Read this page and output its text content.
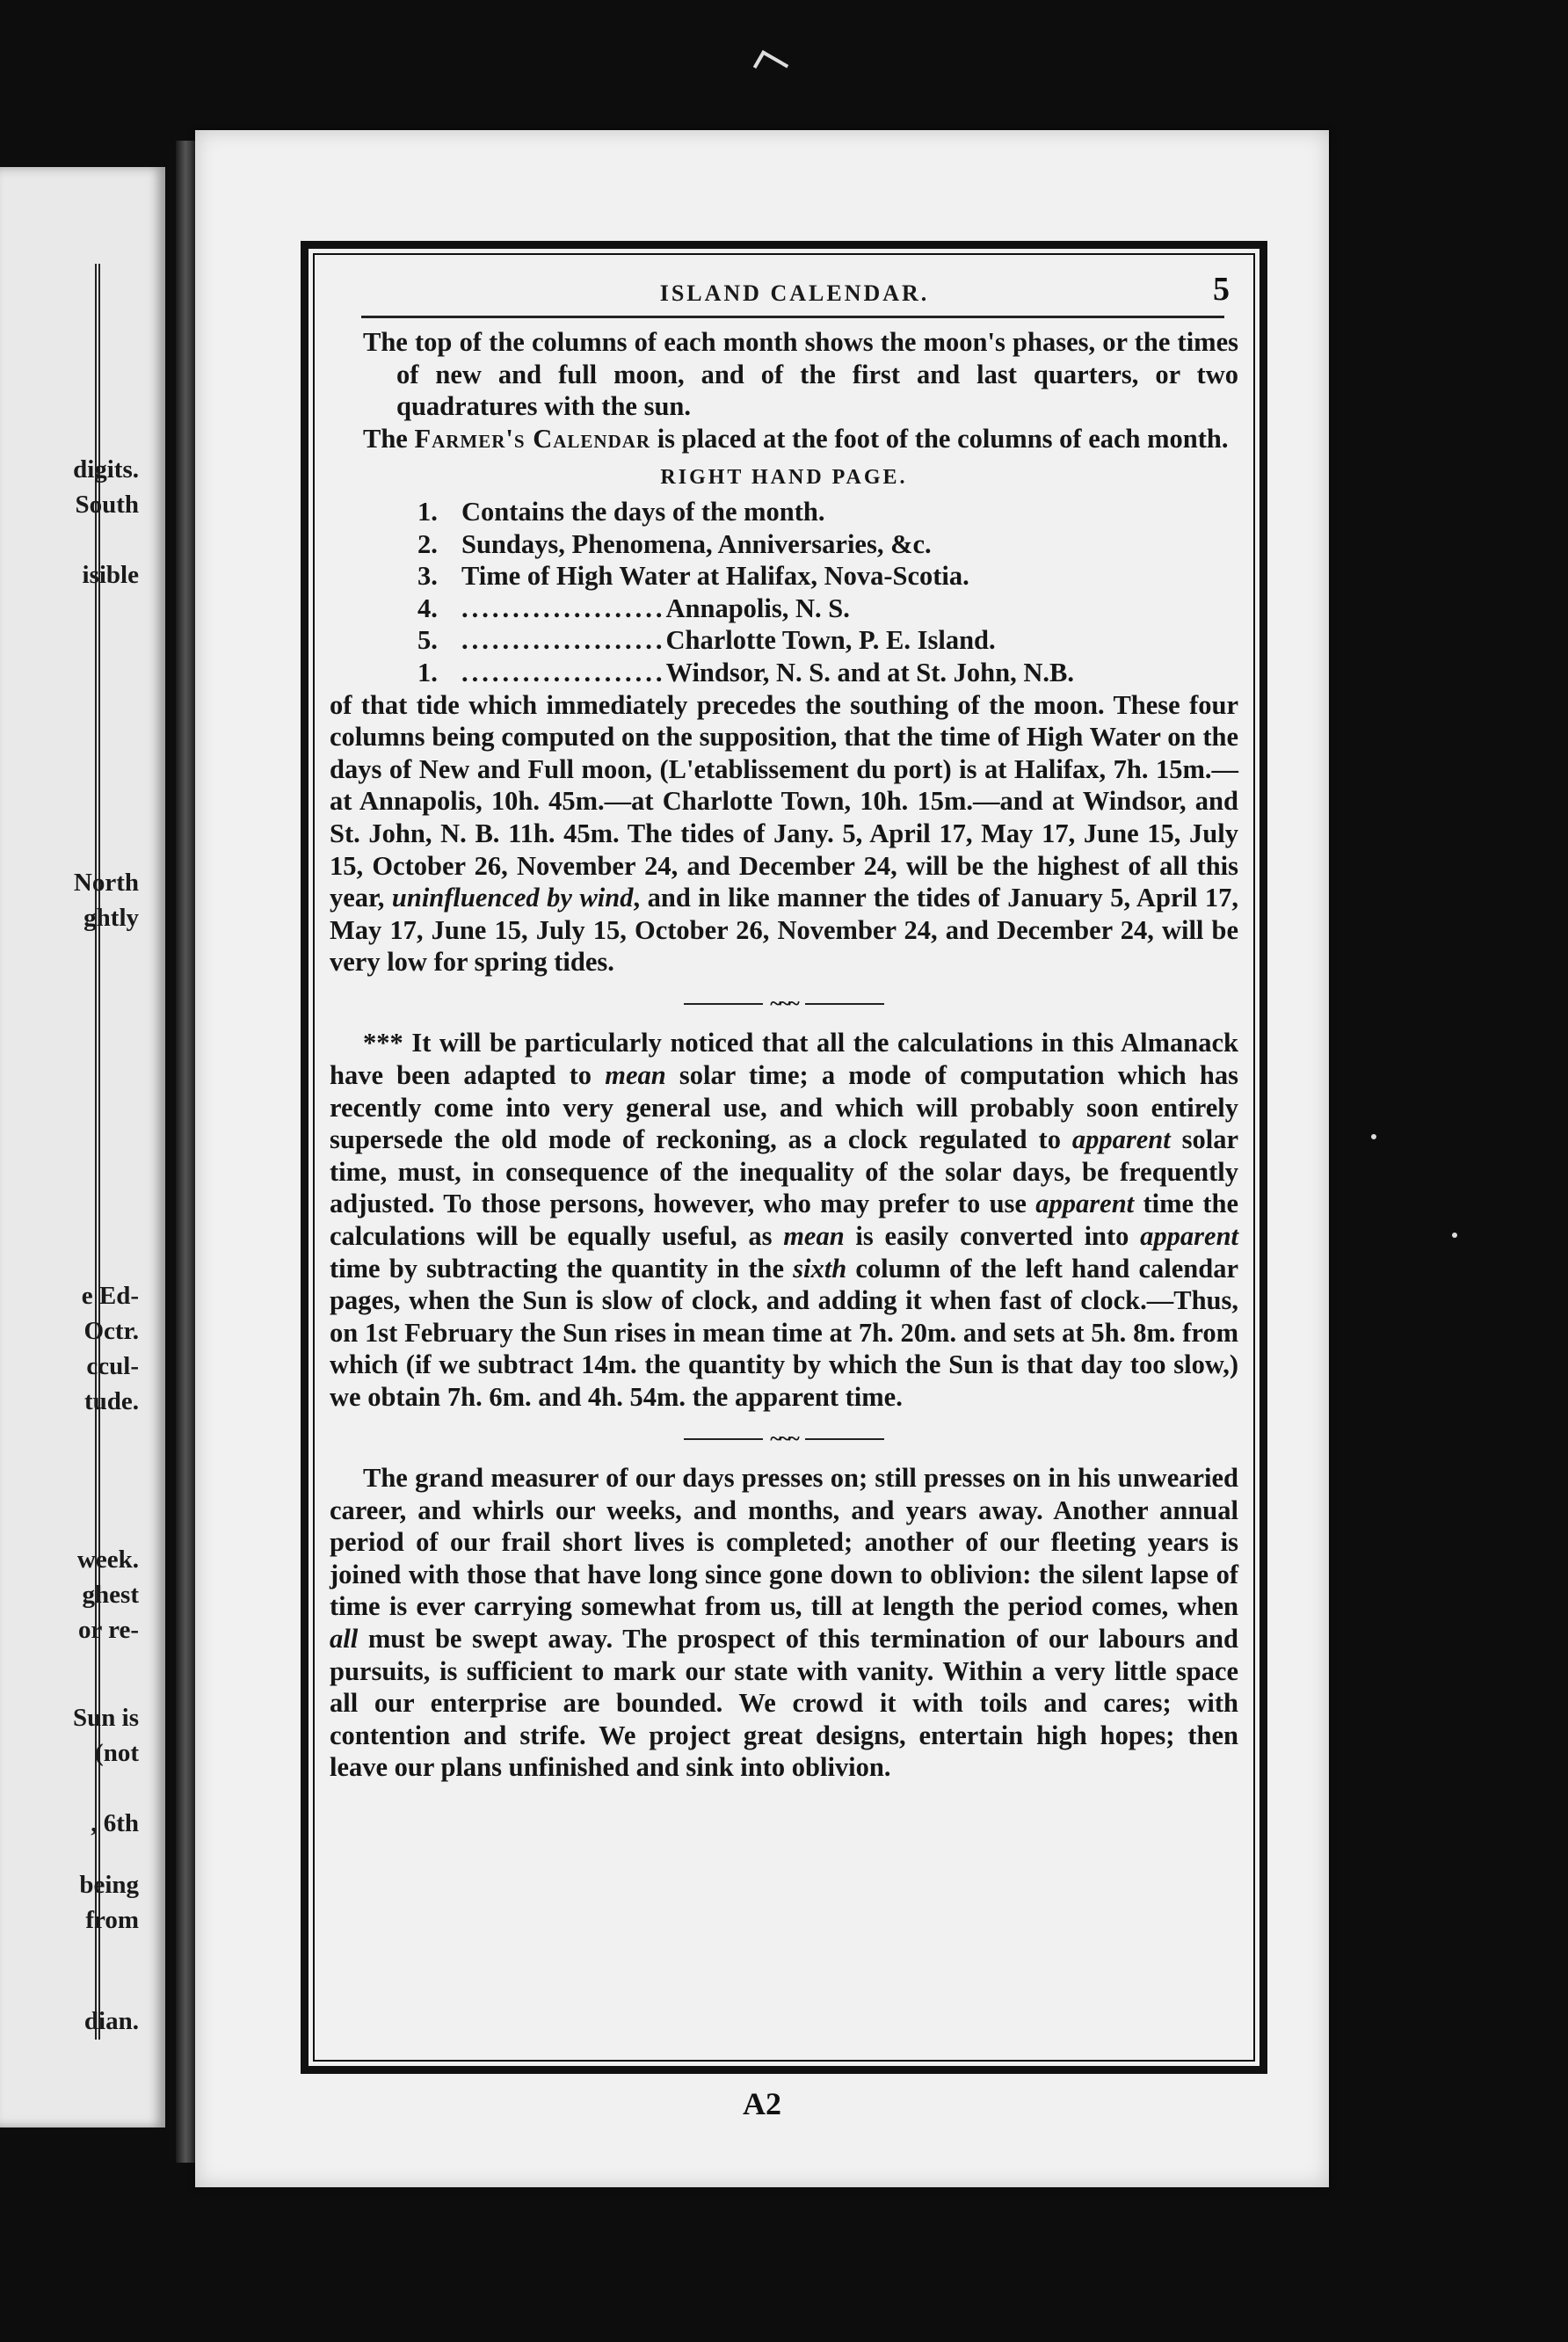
digits.
South
isible
North
ghtly
e Ed-
Octr.
ccul-
tude.
week.
ghest
or re-
Sun is
(not
, 6th
being
from
dian.
ISLAND CALENDAR.	5

The top of the columns of each month shows the moon's phases, or the times of new and full moon, and of the first and last quarters, or two quadratures with the sun.

The Farmer's Calendar is placed at the foot of the columns of each month.

RIGHT HAND PAGE.
1. Contains the days of the month.
2. Sundays, Phenomena, Anniversaries, &c.
3. Time of High Water at Halifax, Nova-Scotia.
4. .................... Annapolis, N. S.
5. .................... Charlotte Town, P. E. Island.
1. .................... Windsor, N. S. and at St. John, N.B.

of that tide which immediately precedes the southing of the moon. These four columns being computed on the supposition, that the time of High Water on the days of New and Full moon, (L'etablissement du port) is at Halifax, 7h. 15m.—at Annapolis, 10h. 45m.—at Charlotte Town, 10h. 15m.—and at Windsor, and St. John, N. B. 11h. 45m. The tides of Jany. 5, April 17, May 17, June 15, July 15, October 26, November 24, and December 24, will be the highest of all this year, uninfluenced by wind, and in like manner the tides of January 5, April 17, May 17, June 15, July 15, October 26, November 24, and December 24, will be very low for spring tides.

~~~

*** It will be particularly noticed that all the calculations in this Almanack have been adapted to mean solar time; a mode of computation which has recently come into very general use, and which will probably soon entirely supersede the old mode of reckoning, as a clock regulated to apparent solar time, must, in consequence of the inequality of the solar days, be frequently adjusted. To those persons, however, who may prefer to use apparent time the calculations will be equally useful, as mean is easily converted into apparent time by subtracting the quantity in the sixth column of the left hand calendar pages, when the Sun is slow of clock, and adding it when fast of clock.—Thus, on 1st February the Sun rises in mean time at 7h. 20m. and sets at 5h. 8m. from which (if we subtract 14m. the quantity by which the Sun is that day too slow,) we obtain 7h. 6m. and 4h. 54m. the apparent time.

~~~

The grand measurer of our days presses on; still presses on in his unwearied career, and whirls our weeks, and months, and years away. Another annual period of our frail short lives is completed; another of our fleeting years is joined with those that have long since gone down to oblivion: the silent lapse of time is ever carrying somewhat from us, till at length the period comes, when all must be swept away. The prospect of this termination of our labours and pursuits, is sufficient to mark our state with vanity. Within a very little space all our enterprise are bounded. We crowd it with toils and cares; with contention and strife. We project great designs, entertain high hopes; then leave our plans unfinished and sink into oblivion.

A2
